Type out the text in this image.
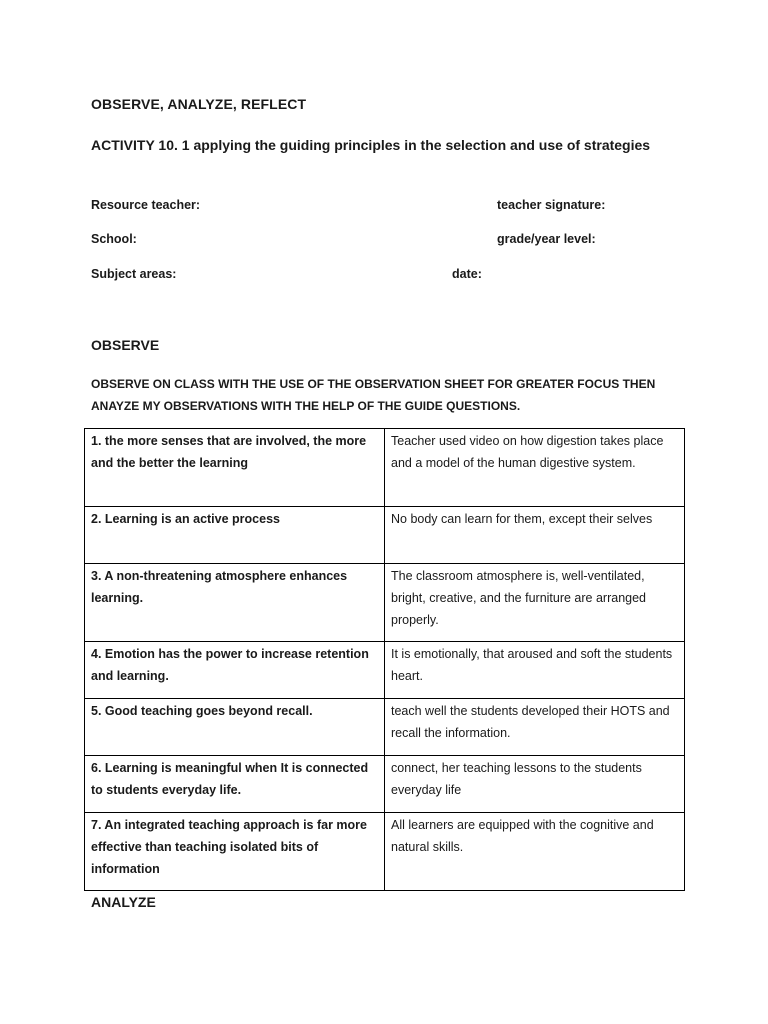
OBSERVE, ANALYZE, REFLECT
ACTIVITY 10. 1 applying the guiding principles in the selection and use of strategies
Resource teacher:	teacher signature:
School:	grade/year level:
Subject areas:	date:
OBSERVE
OBSERVE ON CLASS WITH THE USE OF THE OBSERVATION SHEET FOR GREATER FOCUS THEN ANAYZE MY OBSERVATIONS WITH THE HELP OF THE GUIDE QUESTIONS.
1. the more senses that are involved, the more and the better the learning	Teacher used video on how digestion takes place and a model of the human digestive system.
2. Learning is an active process	No body can learn for them, except their selves
3. A non-threatening atmosphere enhances learning.	The classroom atmosphere is, well-ventilated, bright, creative, and the furniture are arranged properly.
4. Emotion has the power to increase retention and learning.	It is emotionally, that aroused and soft the students heart.
5. Good teaching goes beyond recall.	teach well the students developed their HOTS and recall the information.
6. Learning is meaningful when It is connected to students everyday life.	connect, her teaching lessons to the students everyday life
7. An integrated teaching approach is far more effective than teaching isolated bits of information	All learners are equipped with the cognitive and natural skills.
ANALYZE
